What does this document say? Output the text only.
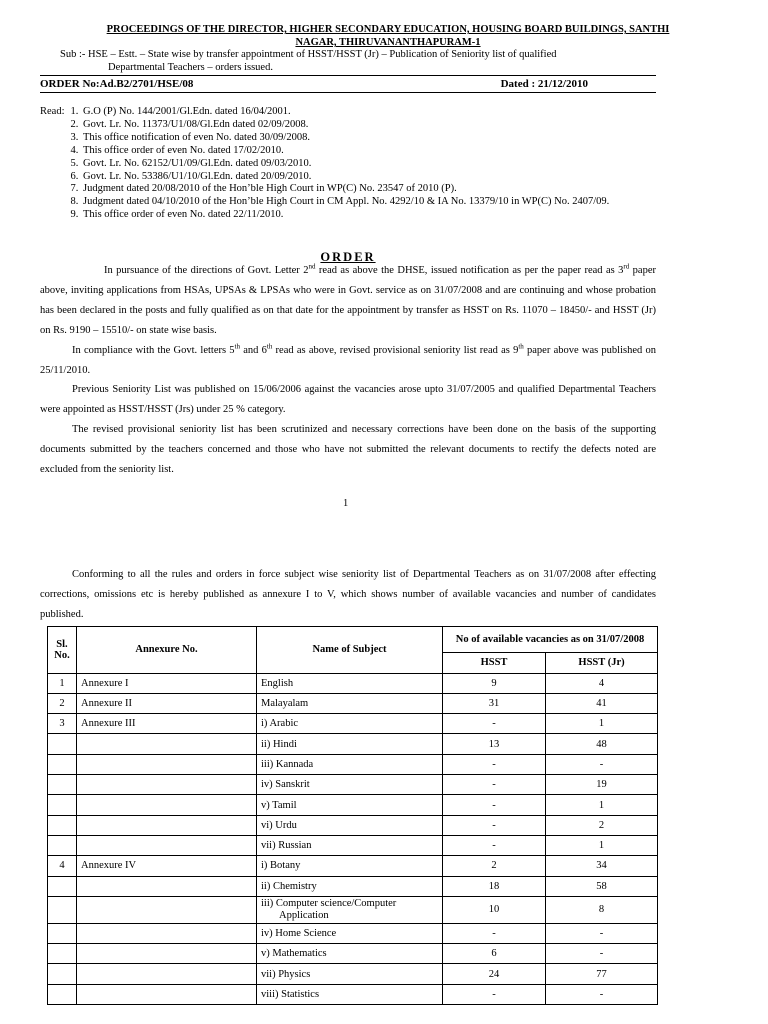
PROCEEDINGS OF THE DIRECTOR, HIGHER SECONDARY EDUCATION, HOUSING BOARD BUILDINGS, SANTHI
NAGAR, THIRUVANANTHAPURAM-1
Sub :- HSE – Estt. – State wise by transfer appointment of HSST/HSST (Jr) – Publication of Seniority list of qualified
Departmental Teachers – orders issued.
ORDER No:Ad.B2/2701/HSE/08	Dated : 21/12/2010
Read: 1. G.O (P) No. 144/2001/Gl.Edn. dated 16/04/2001.
2. Govt. Lr. No. 11373/U1/08/Gl.Edn dated 02/09/2008.
3. This office notification of even No. dated 30/09/2008.
4. This office order of even No. dated 17/02/2010.
5. Govt. Lr. No. 62152/U1/09/Gl.Edn. dated 09/03/2010.
6. Govt. Lr. No. 53386/U1/10/Gl.Edn. dated 20/09/2010.
7. Judgment dated 20/08/2010 of the Hon’ble High Court in WP(C) No. 23547 of 2010 (P).
8. Judgment dated 04/10/2010 of the Hon’ble High Court in CM Appl. No. 4292/10 & IA No. 13379/10 in WP(C) No. 2407/09.
9. This office order of even No. dated 22/11/2010.
ORDER

In pursuance of the directions of Govt. Letter 2nd read as above the DHSE, issued notification as per the paper read as 3rd paper above, inviting applications from HSAs, UPSAs & LPSAs who were in Govt. service as on 31/07/2008 and are continuing and whose probation has been declared in the posts and fully qualified as on that date for the appointment by transfer as HSST on Rs. 11070 – 18450/- and HSST (Jr) on Rs. 9190 – 15510/- on state wise basis.

In compliance with the Govt. letters 5th and 6th read as above, revised provisional seniority list read as 9th paper above was published on 25/11/2010.

Previous Seniority List was published on 15/06/2006 against the vacancies arose upto 31/07/2005 and qualified Departmental Teachers were appointed as HSST/HSST (Jrs) under 25 % category.

The revised provisional seniority list has been scrutinized and necessary corrections have been done on the basis of the supporting documents submitted by the teachers concerned and those who have not submitted the relevant documents to rectify the defects noted are excluded from the seniority list.

1

Conforming to all the rules and orders in force subject wise seniority list of Departmental Teachers as on 31/07/2008 after effecting corrections, omissions etc is hereby published as annexure I to V, which shows number of available vacancies and number of candidates published.

Sl. No.	Annexure No.	Name of Subject	No of available vacancies as on 31/07/2008	
			HSST	HSST (Jr)
1	Annexure I	English	9	4
2	Annexure II	Malayalam	31	41
3	Annexure III	i) Arabic	-	1
		ii) Hindi	13	48
		iii) Kannada	-	-
		iv) Sanskrit	-	19
		v) Tamil	-	1
		vi) Urdu	-	2
		vii) Russian	-	1
4	Annexure IV	i) Botany	2	34
		ii) Chemistry	18	58
		iii) Computer science/Computer Application	10	8
		iv) Home Science	-	-
		v) Mathematics	6	-
		vii) Physics	24	77
		viii) Statistics	-	-
